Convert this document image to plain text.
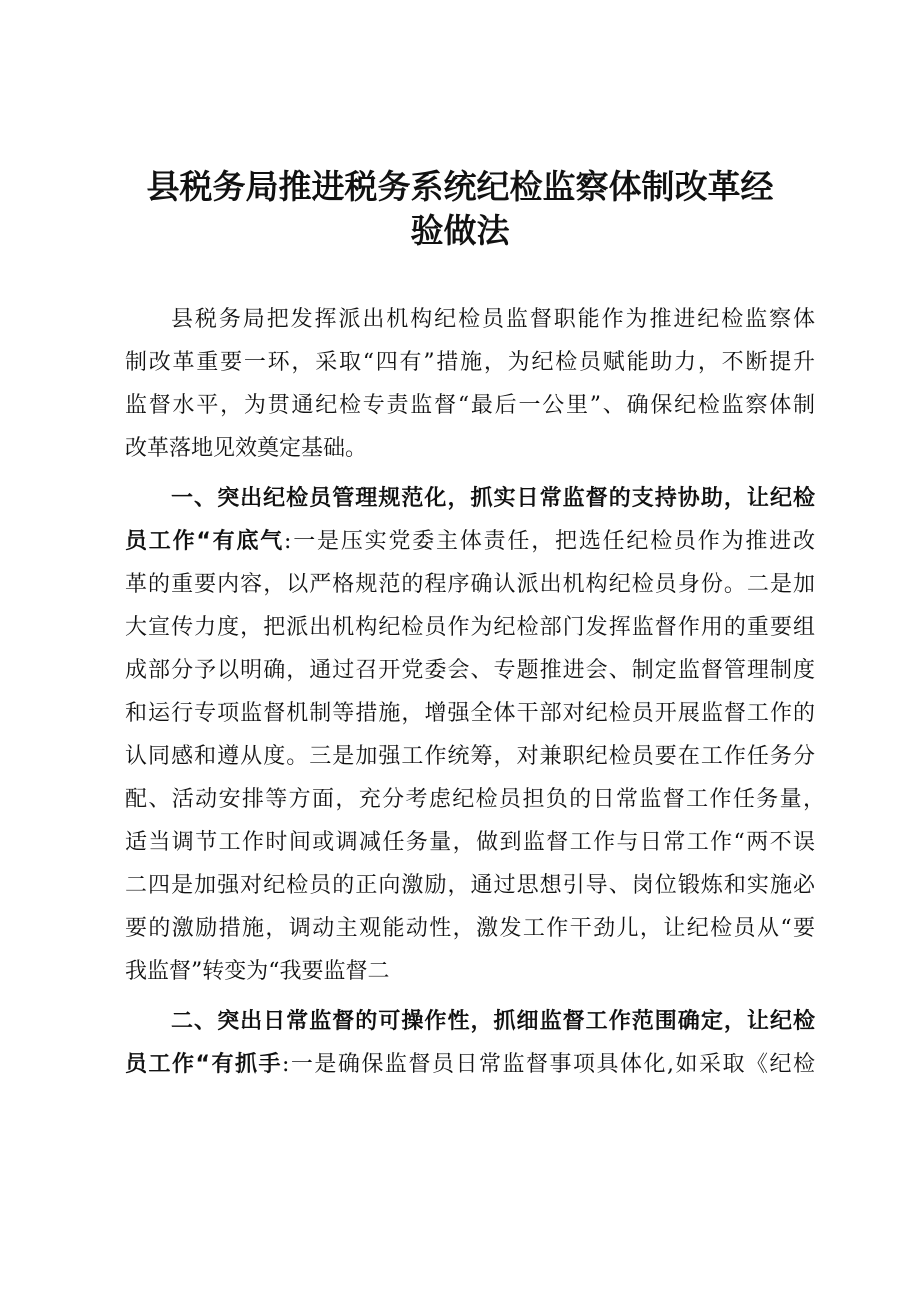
县税务局推进税务系统纪检监察体制改革经
验做法
县税务局把发挥派出机构纪检员监督职能作为推进纪检监察体
制改革重要一环，采取“四有”措施，为纪检员赋能助力，不断提升
监督水平，为贯通纪检专责监督“最后一公里”、确保纪检监察体制
改革落地见效奠定基础。
一、突出纪检员管理规范化，抓实日常监督的支持协助，让纪检
员工作“有底气:一是压实党委主体责任，把选任纪检员作为推进改
革的重要内容，以严格规范的程序确认派出机构纪检员身份。二是加
大宣传力度，把派出机构纪检员作为纪检部门发挥监督作用的重要组
成部分予以明确，通过召开党委会、专题推进会、制定监督管理制度
和运行专项监督机制等措施，增强全体干部对纪检员开展监督工作的
认同感和遵从度。三是加强工作统筹，对兼职纪检员要在工作任务分
配、活动安排等方面，充分考虑纪检员担负的日常监督工作任务量，
适当调节工作时间或调减任务量，做到监督工作与日常工作“两不误
二四是加强对纪检员的正向激励，通过思想引导、岗位锻炼和实施必
要的激励措施，调动主观能动性，激发工作干劲儿，让纪检员从“要
我监督”转变为“我要监督二
二、突出日常监督的可操作性，抓细监督工作范围确定，让纪检
员工作“有抓手:一是确保监督员日常监督事项具体化,如采取《纪检
